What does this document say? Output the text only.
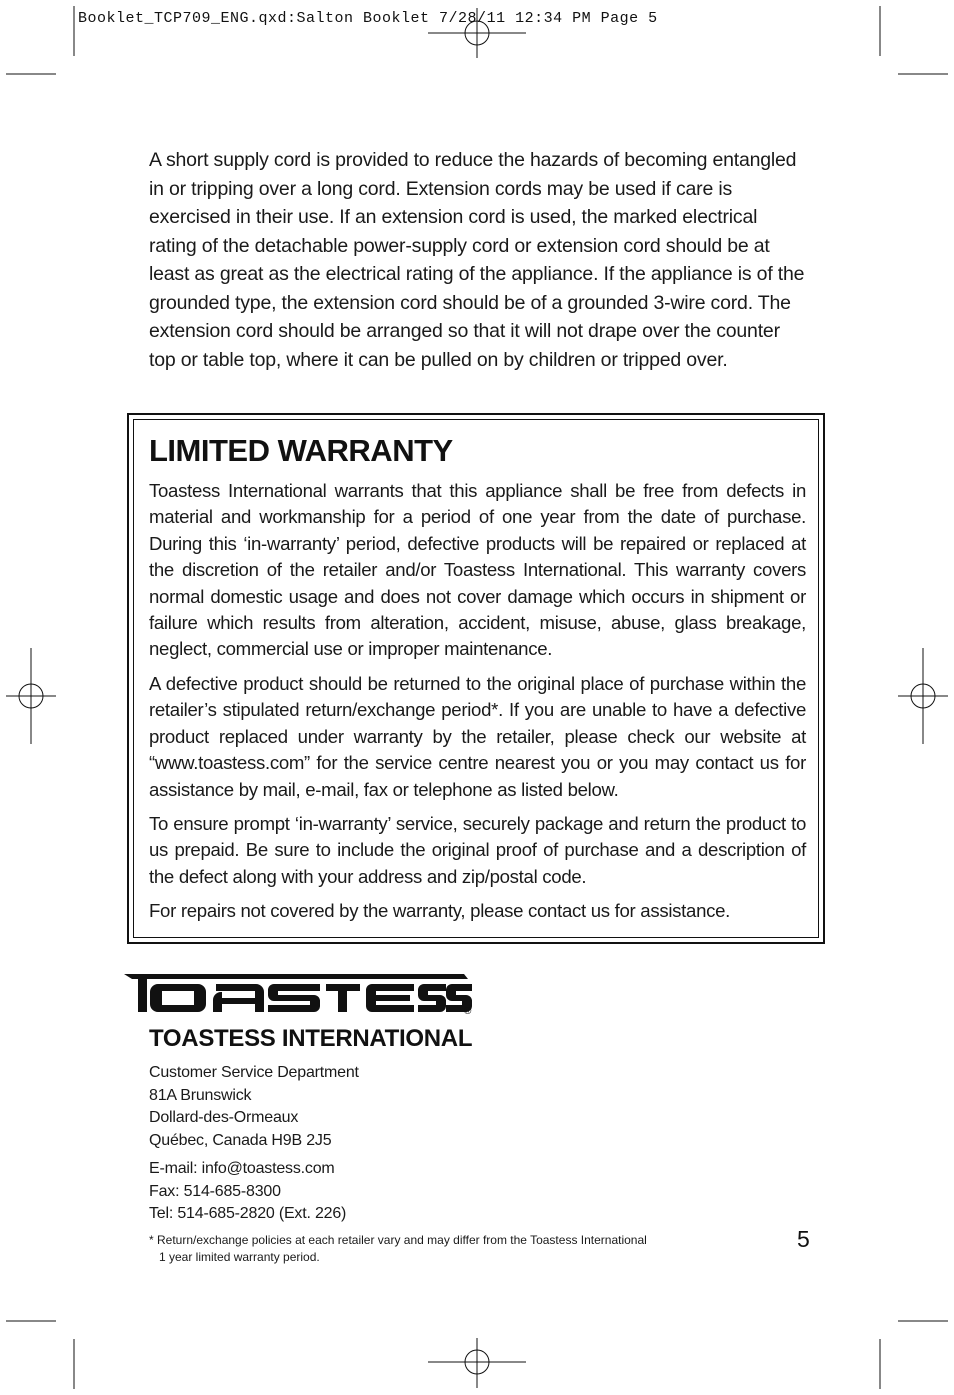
Booklet_TCP709_ENG.qxd:Salton Booklet 7/28/11 12:34 PM Page 5

A short supply cord is provided to reduce the hazards of becoming entangled in or tripping over a long cord. Extension cords may be used if care is exercised in their use. If an extension cord is used, the marked electrical rating of the detachable power-supply cord or extension cord should be at least as great as the electrical rating of the appliance. If the appliance is of the grounded type, the extension cord should be of a grounded 3-wire cord. The extension cord should be arranged so that it will not drape over the counter top or table top, where it can be pulled on by children or tripped over.

LIMITED WARRANTY

Toastess International warrants that this appliance shall be free from defects in material and workmanship for a period of one year from the date of purchase. During this ‘in-warranty’ period, defective products will be repaired or replaced at the discretion of the retailer and/or Toastess International. This warranty covers normal domestic usage and does not cover damage which occurs in shipment or failure which results from alteration, accident, misuse, abuse, glass breakage, neglect, commercial use or improper maintenance.

A defective product should be returned to the original place of purchase within the retailer’s stipulated return/exchange period*. If you are unable to have a defective product replaced under warranty by the retailer, please check our website at “www.toastess.com” for the service centre nearest you or you may contact us for assistance by mail, e-mail, fax or telephone as listed below.

To ensure prompt ‘in-warranty’ service, securely package and return the product to us prepaid. Be sure to include the original proof of purchase and a description of the defect along with your address and zip/postal code.

For repairs not covered by the warranty, please contact us for assistance.

®
TOASTESS INTERNATIONAL

Customer Service Department
81A Brunswick
Dollard-des-Ormeaux
Québec, Canada H9B 2J5

E-mail: info@toastess.com
Fax: 514-685-8300
Tel: 514-685-2820 (Ext. 226)

* Return/exchange policies at each retailer vary and may differ from the Toastess International
1 year limited warranty period.

5
